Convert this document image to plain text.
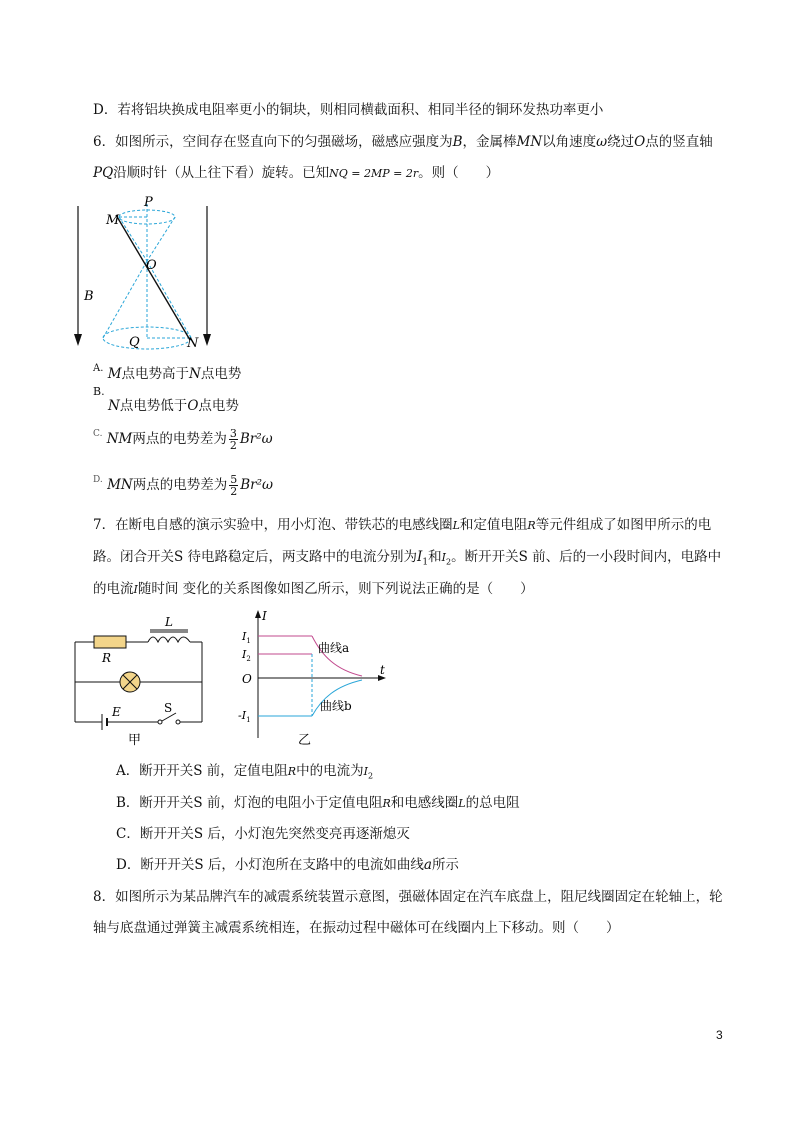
D．若将铝块换成电阻率更小的铜块，则相同横截面积、相同半径的铜环发热功率更小
6．如图所示，空间存在竖直向下的匀强磁场，磁感应强度为B，金属棒MN以角速度ω绕过O点的竖直轴
PQ沿顺时针（从上往下看）旋转。已知NQ = 2MP = 2r。则（　　）
M
P
O
B
Q	N
$^{A.}$ M点电势高于N点电势
$^{B.}$

N点电势低于O点电势
$^{C.}$ NM两点的电势差为 $\frac{3}{2} Br^2\omega$
$^{D.}$ MN两点的电势差为 $\frac{5}{2} Br^2\omega$
7．在断电自感的演示实验中，用小灯泡、带铁芯的电感线圈L和定值电阻R等元件组成了如图甲所示的电
路。闭合开关S 待电路稳定后，两支路中的电流分别为$I_1$和$I_2$。断开开关S 前、后的一小段时间内，电路中
的电流I随时间 变化的关系图像如图乙所示，则下列说法正确的是（　　）
R
L
E	S
甲
I
t
$I_1$
$I_2$
O
$-I_1$
曲线a
曲线b
乙
A．断开开关S 前，定值电阻R中的电流为$I_2$
B．断开开关S 前，灯泡的电阻小于定值电阻R和电感线圈L的总电阻
C．断开开关S 后，小灯泡先突然变亮再逐渐熄灭
D．断开开关S 后，小灯泡所在支路中的电流如曲线a所示
8．如图所示为某品牌汽车的减震系统装置示意图，强磁体固定在汽车底盘上，阻尼线圈固定在轮轴上，轮
轴与底盘通过弹簧主减震系统相连，在振动过程中磁体可在线圈内上下移动。则（　　）
3
